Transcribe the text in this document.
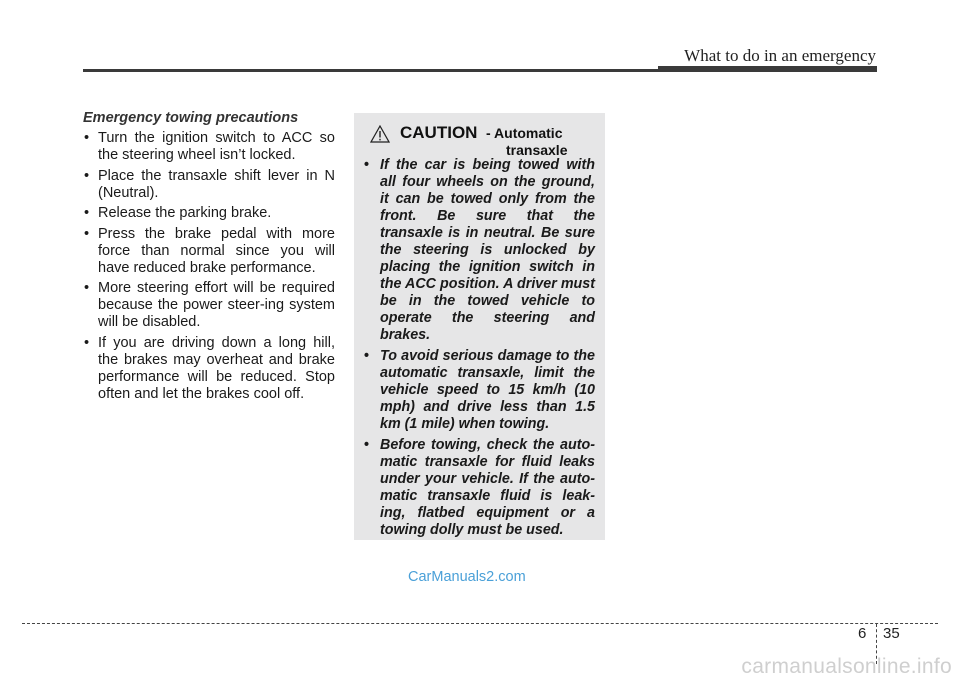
What to do in an emergency
Emergency towing precautions
• Turn the ignition switch to ACC so the steering wheel isn’t locked.
• Place the transaxle shift lever in N (Neutral).
• Release the parking brake.
• Press the brake pedal with more force than normal since you will have reduced brake performance.
• More steering effort will be required because the power steer-ing system will be disabled.
• If you are driving down a long hill, the brakes may overheat and brake performance will be reduced. Stop often and let the brakes cool off.
CAUTION - Automatic
transaxle
• If the car is being towed with all four wheels on the ground, it can be towed only from the front. Be sure that the transaxle is in neutral. Be sure the steering is unlocked by placing the ignition switch in the ACC position. A driver must be in the towed vehicle to operate the steering and brakes.
• To avoid serious damage to the automatic transaxle, limit the vehicle speed to 15 km/h (10 mph) and drive less than 1.5 km (1 mile) when towing.
• Before towing, check the auto-matic transaxle for fluid leaks under your vehicle. If the auto-matic transaxle fluid is leak-ing, flatbed equipment or a towing dolly must be used.
CarManuals2.com
6 35
carmanualsonline.info
